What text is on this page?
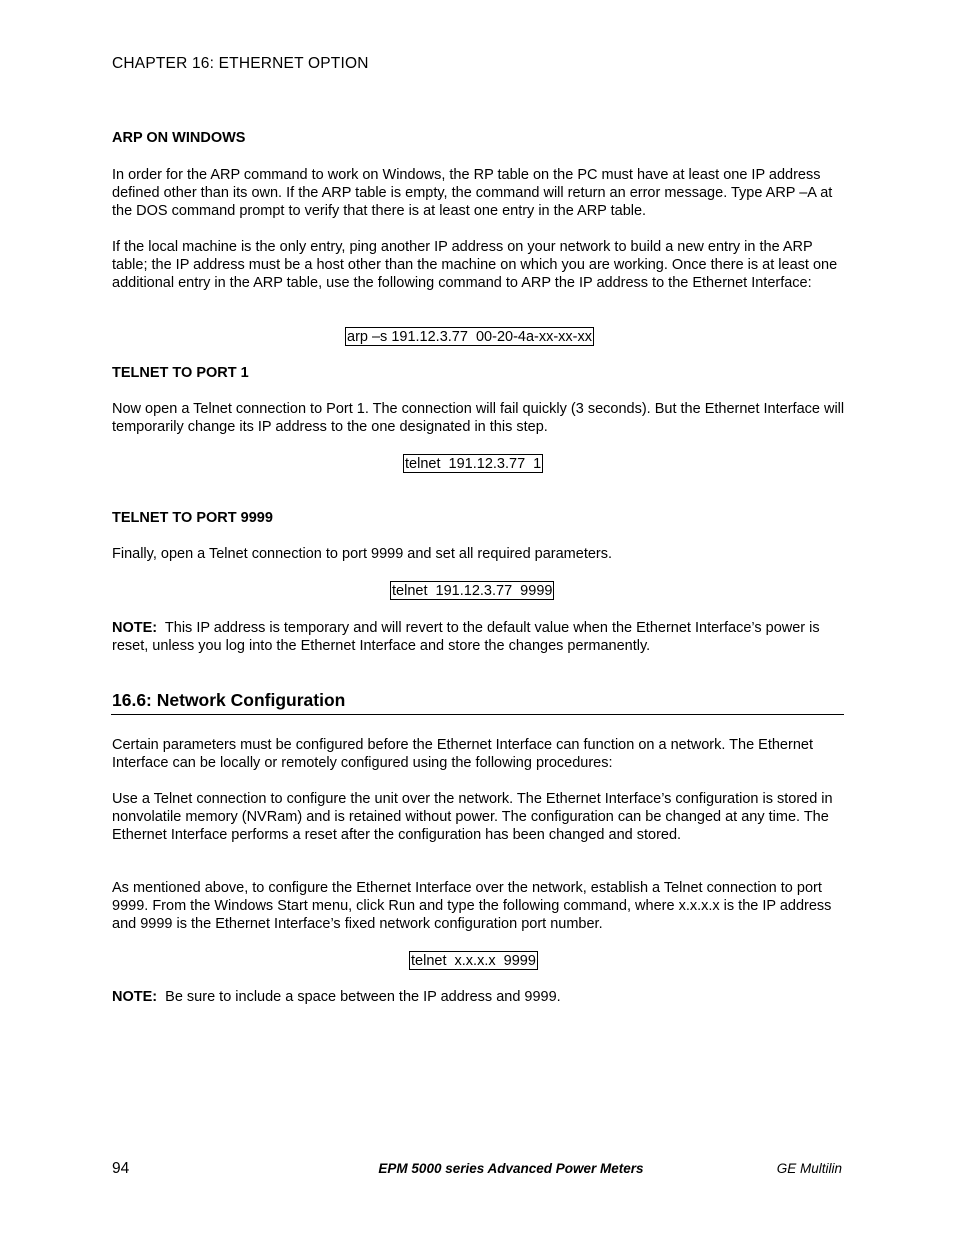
CHAPTER 16: ETHERNET OPTION
ARP ON WINDOWS
In order for the ARP command to work on Windows, the RP table on the PC must have at least one IP address defined other than its own. If the ARP table is empty, the command will return an error message. Type ARP –A at the DOS command prompt to verify that there is at least one entry in the ARP table.
If the local machine is the only entry, ping another IP address on your network to build a new entry in the ARP table; the IP address must be a host other than the machine on which you are working. Once there is at least one additional entry in the ARP table, use the following command to ARP the IP address to the Ethernet Interface:
arp –s 191.12.3.77  00-20-4a-xx-xx-xx
TELNET TO PORT 1
Now open a Telnet connection to Port 1. The connection will fail quickly (3 seconds). But the Ethernet Interface will temporarily change its IP address to the one designated in this step.
telnet  191.12.3.77  1
TELNET TO PORT 9999
Finally, open a Telnet connection to port 9999 and set all required parameters.
telnet  191.12.3.77  9999
NOTE: This IP address is temporary and will revert to the default value when the Ethernet Interface’s power is reset, unless you log into the Ethernet Interface and store the changes permanently.
16.6: Network Configuration
Certain parameters must be configured before the Ethernet Interface can function on a network. The Ethernet Interface can be locally or remotely configured using the following procedures:
Use a Telnet connection to configure the unit over the network. The Ethernet Interface’s configuration is stored in nonvolatile memory (NVRam) and is retained without power. The configuration can be changed at any time. The Ethernet Interface performs a reset after the configuration has been changed and stored.
As mentioned above, to configure the Ethernet Interface over the network, establish a Telnet connection to port 9999. From the Windows Start menu, click Run and type the following command, where x.x.x.x is the IP address and 9999 is the Ethernet Interface’s fixed network configuration port number.
telnet  x.x.x.x  9999
NOTE: Be sure to include a space between the IP address and 9999.
94	EPM 5000 series Advanced Power Meters	GE Multilin
